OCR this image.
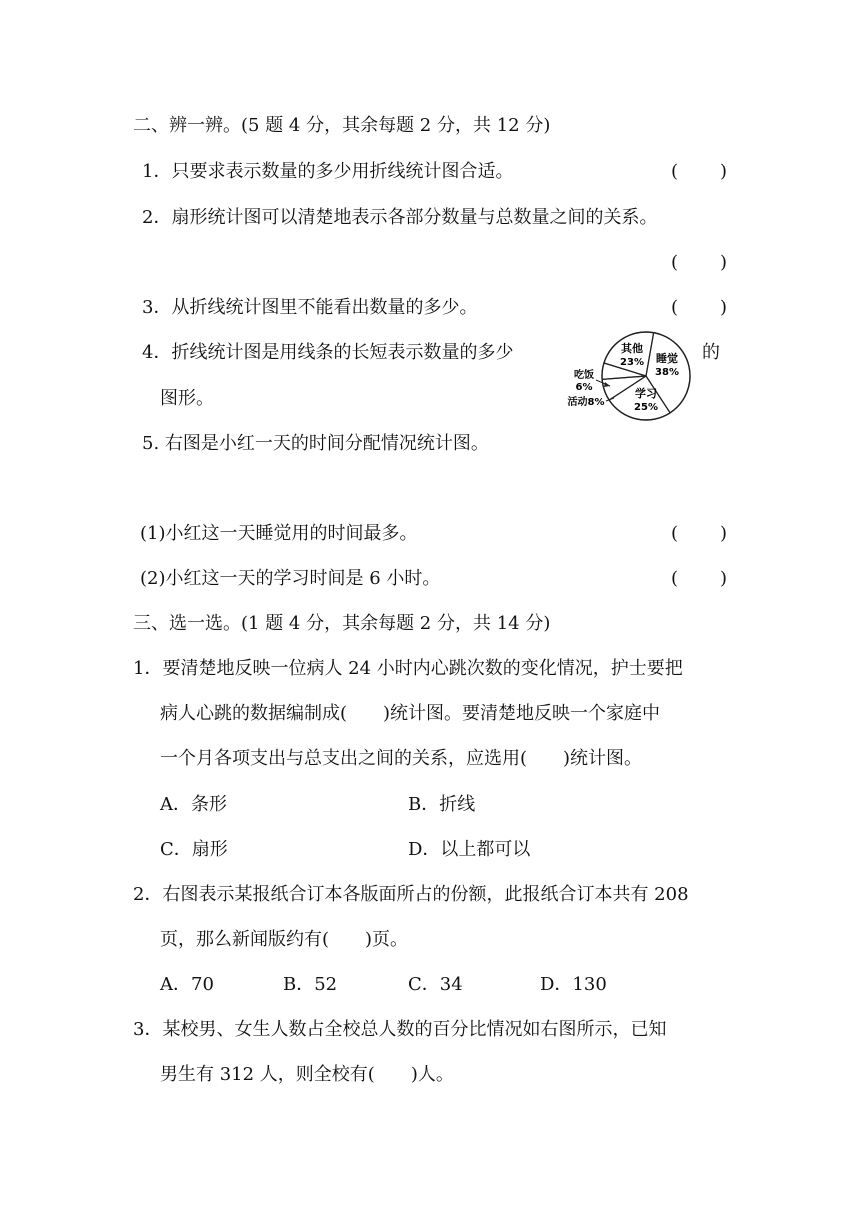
二、辨一辨。(5 题 4 分，其余每题 2 分，共 12 分)
1．只要求表示数量的多少用折线统计图合适。	( )
2．扇形统计图可以清楚地表示各部分数量与总数量之间的关系。
( )
3．从折线统计图里不能看出数量的多少。	( )
4．折线统计图是用线条的长短表示数量的多少	的
图形。
其他
23% 睡觉
38%
学习
25%
吃饭
6%
活动8%
5. 右图是小红一天的时间分配情况统计图。
(1)小红这一天睡觉用的时间最多。	( )
(2)小红这一天的学习时间是 6 小时。	( )
三、选一选。(1 题 4 分，其余每题 2 分，共 14 分)
1．要清楚地反映一位病人 24 小时内心跳次数的变化情况，护士要把
病人心跳的数据编制成(　　)统计图。要清楚地反映一个家庭中
一个月各项支出与总支出之间的关系，应选用(　　)统计图。
A．条形	B．折线
C．扇形	D．以上都可以
2．右图表示某报纸合订本各版面所占的份额，此报纸合订本共有 208
页，那么新闻版约有(　　)页。
A．70	B．52	C．34	D．130
3．某校男、女生人数占全校总人数的百分比情况如右图所示，已知
男生有 312 人，则全校有(　　)人。
